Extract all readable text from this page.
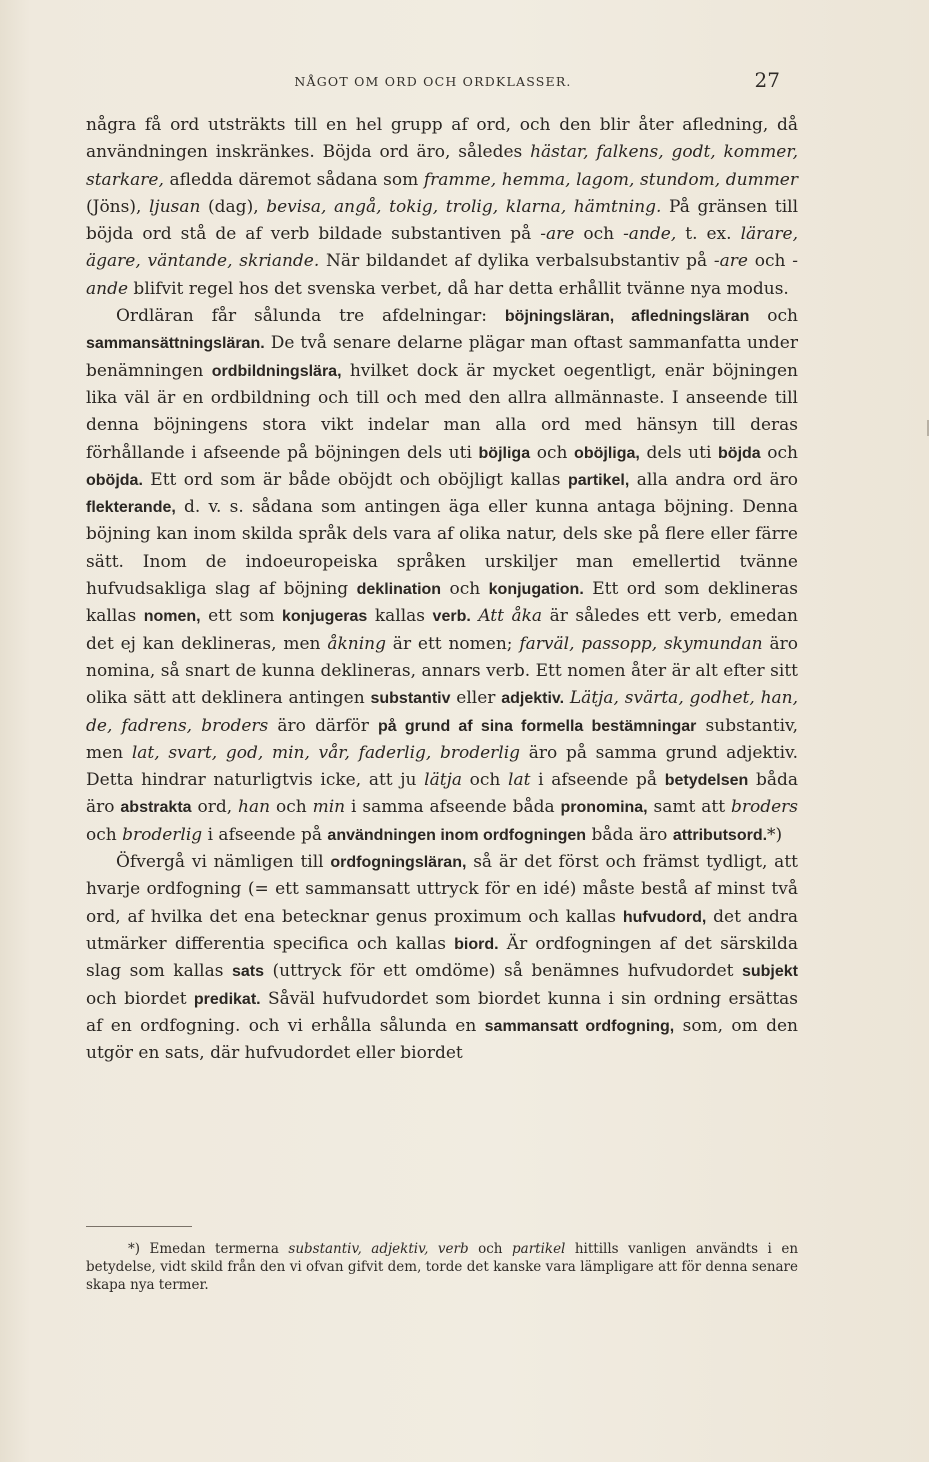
NÅGOT OM ORD OCH ORDKLASSER.	27

några få ord utsträkts till en hel grupp af ord, och den blir åter afledning, då användningen inskränkes. Böjda ord äro, således hästar, falkens, godt, kommer, starkare, afledda däremot sådana som framme, hemma, lagom, stundom, dummer (Jöns), ljusan (dag), bevisa, angå, tokig, trolig, klarna, hämtning. På gränsen till böjda ord stå de af verb bildade substantiven på -are och -ande, t. ex. lärare, ägare, väntande, skriande. När bildandet af dylika verbalsubstantiv på -are och -ande blifvit regel hos det svenska verbet, då har detta erhållit tvänne nya modus.

Ordläran får sålunda tre afdelningar: böjningsläran, afledningsläran och sammansättningsläran. De två senare delarne plägar man oftast sammanfatta under benämningen ordbildningslära, hvilket dock är mycket oegentligt, enär böjningen lika väl är en ordbildning och till och med den allra allmännaste. I anseende till denna böjningens stora vikt indelar man alla ord med hänsyn till deras förhållande i afseende på böjningen dels uti böjliga och oböjliga, dels uti böjda och oböjda. Ett ord som är både oböjdt och oböjligt kallas partikel, alla andra ord äro flekterande, d. v. s. sådana som antingen äga eller kunna antaga böjning. Denna böjning kan inom skilda språk dels vara af olika natur, dels ske på flere eller färre sätt. Inom de indoeuropeiska språken urskiljer man emellertid tvänne hufvudsakliga slag af böjning deklination och konjugation. Ett ord som deklineras kallas nomen, ett som konjugeras kallas verb. Att åka är således ett verb, emedan det ej kan deklineras, men åkning är ett nomen; farväl, passopp, skymundan äro nomina, så snart de kunna deklineras, annars verb. Ett nomen åter är alt efter sitt olika sätt att deklinera antingen substantiv eller adjektiv. Lätja, svärta, godhet, han, de, fadrens, broders äro därför på grund af sina formella bestämningar substantiv, men lat, svart, god, min, vår, faderlig, broderlig äro på samma grund adjektiv. Detta hindrar naturligtvis icke, att ju lätja och lat i afseende på betydelsen båda äro abstrakta ord, han och min i samma afseende båda pronomina, samt att broders och broderlig i afseende på användningen inom ordfogningen båda äro attributsord.*)

Öfvergå vi nämligen till ordfogningsläran, så är det först och främst tydligt, att hvarje ordfogning (= ett sammansatt uttryck för en idé) måste bestå af minst två ord, af hvilka det ena betecknar genus proximum och kallas hufvudord, det andra utmärker differentia specifica och kallas biord. Är ordfogningen af det särskilda slag som kallas sats (uttryck för ett omdöme) så benämnes hufvudordet subjekt och biordet predikat. Såväl hufvudordet som biordet kunna i sin ordning ersättas af en ordfogning. och vi erhålla sålunda en sammansatt ordfogning, som, om den utgör en sats, där hufvudordet eller biordet

*) Emedan termerna substantiv, adjektiv, verb och partikel hittills vanligen användts i en betydelse, vidt skild från den vi ofvan gifvit dem, torde det kanske vara lämpligare att för denna senare skapa nya termer.
